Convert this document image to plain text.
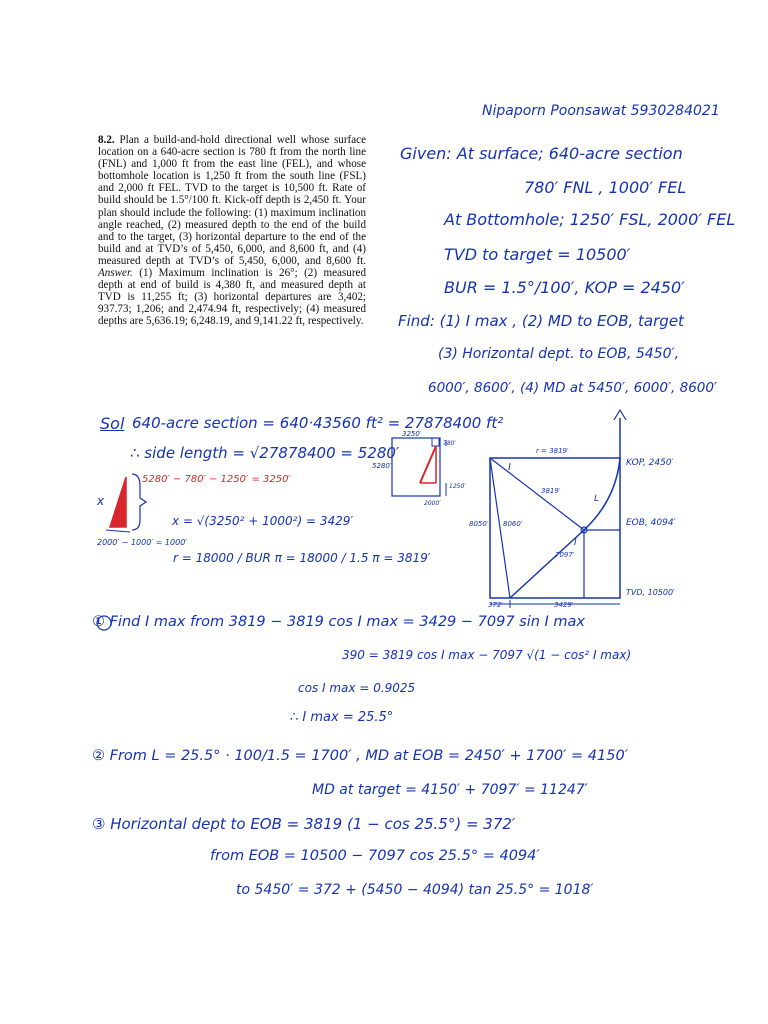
8.2. Plan a build-and-hold directional well whose surface location on a 640-acre section is 780 ft from the north line (FNL) and 1,000 ft from the east line (FEL), and whose bottomhole location is 1,250 ft from the south line (FSL) and 2,000 ft FEL. TVD to the target is 10,500 ft. Rate of build should be 1.5°/100 ft. Kick-off depth is 2,450 ft. Your plan should include the following: (1) maximum inclination angle reached, (2) measured depth to the end of the build and to the target, (3) horizontal departure to the end of the build and at TVD’s of 5,450, 6,000, and 8,600 ft, and (4) measured depth at TVD’s of 5,450, 6,000, and 8,600 ft. Answer. (1) Maximum inclination is 26°; (2) measured depth at end of build is 4,380 ft, and measured depth at TVD is 11,255 ft; (3) horizontal departures are 3,402; 937.73; 1,206; and 2,474.94 ft, respectively; (4) measured depths are 5,636.19; 6,248.19, and 9,141.22 ft, respectively.
Nipaporn Poonsawat 5930284021
Given: At surface; 640-acre section
780′ FNL , 1000′ FEL
At Bottomhole; 1250′ FSL, 2000′ FEL
TVD to target = 10500′
BUR = 1.5°/100′, KOP = 2450′
Find: (1) I max , (2) MD to EOB, target
(3) Horizontal dept. to EOB, 5450′,
6000′, 8600′, (4) MD at 5450′, 6000′, 8600′
Sol 640-acre section = 640·43560 ft² = 27878400 ft²
∴ side length = √27878400 = 5280′
5280′ − 780′ − 1250′ = 3250′
x
2000′ − 1000′ = 1000′
x = √(3250² + 1000²) = 3429′
r = 18000 / BUR π = 18000 / 1.5 π = 3819′
3250′
5280′
780′
1250′
2000′
r = 3819′
KOP, 2450′
I
3819′
L
8050′ 8060′	EOB, 4094′
7097′
I
TVD, 10500′
372′	3429′
① Find I max from 3819 − 3819 cos I max = 3429 − 7097 sin I max
390 = 3819 cos I max − 7097 √(1 − cos² I max)
cos I max = 0.9025
∴ I max = 25.5°
② From L = 25.5° · 100/1.5 = 1700′ , MD at EOB = 2450′ + 1700′ = 4150′
MD at target = 4150′ + 7097′ = 11247′
③ Horizontal dept to EOB = 3819 (1 − cos 25.5°) = 372′
from EOB = 10500 − 7097 cos 25.5° = 4094′
to 5450′ = 372 + (5450 − 4094) tan 25.5° = 1018′
